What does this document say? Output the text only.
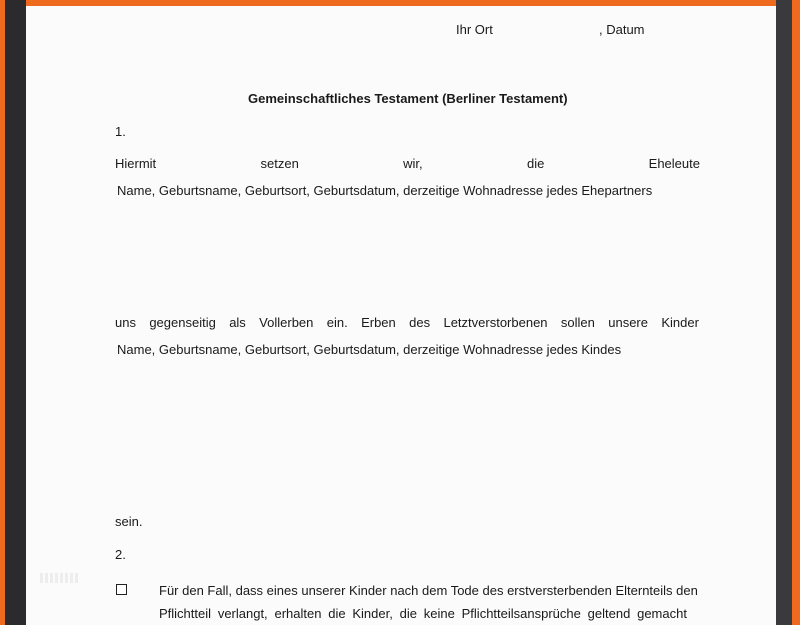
Ihr Ort	, Datum
Gemeinschaftliches Testament (Berliner Testament)
1.
Hiermit	setzen	wir,	die	Eheleute
Name, Geburtsname, Geburtsort, Geburtsdatum, derzeitige Wohnadresse jedes Ehepartners
uns gegenseitig als Vollerben ein. Erben des Letztverstorbenen sollen unsere Kinder
Name, Geburtsname, Geburtsort, Geburtsdatum, derzeitige Wohnadresse jedes Kindes
sein.
2.
Für den Fall, dass eines unserer Kinder nach dem Tode des erstversterbenden Elternteils den
Pflichtteil verlangt, erhalten die Kinder, die keine Pflichtteilsansprüche geltend gemacht
